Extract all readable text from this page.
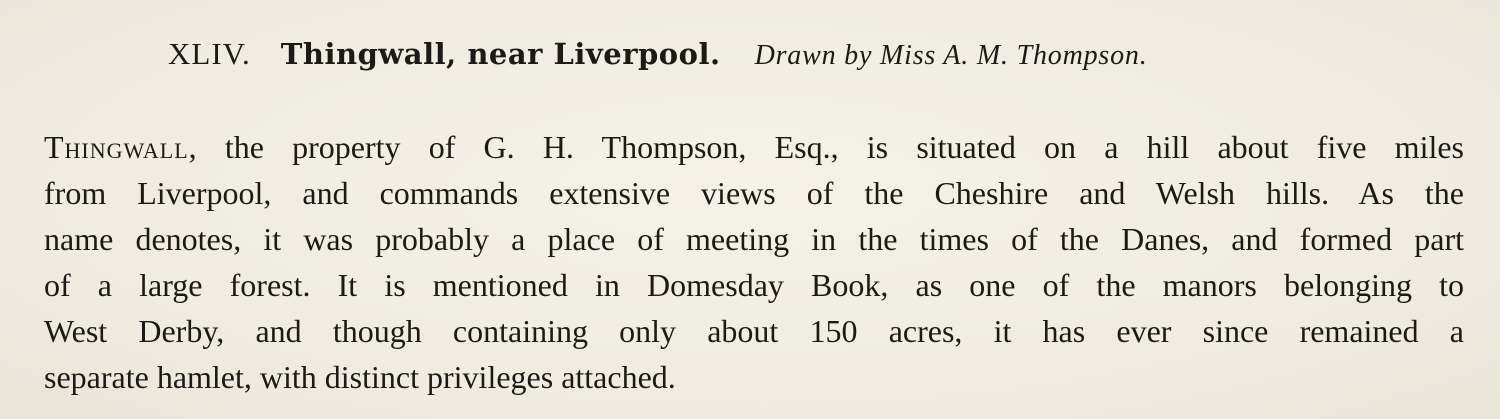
XLIV. Thingwall, near Liverpool. Drawn by Miss A. M. Thompson.
Thingwall, the property of G. H. Thompson, Esq., is situated on a hill about five miles
from Liverpool, and commands extensive views of the Cheshire and Welsh hills. As the
name denotes, it was probably a place of meeting in the times of the Danes, and formed part
of a large forest. It is mentioned in Domesday Book, as one of the manors belonging to
West Derby, and though containing only about 150 acres, it has ever since remained a
separate hamlet, with distinct privileges attached.
